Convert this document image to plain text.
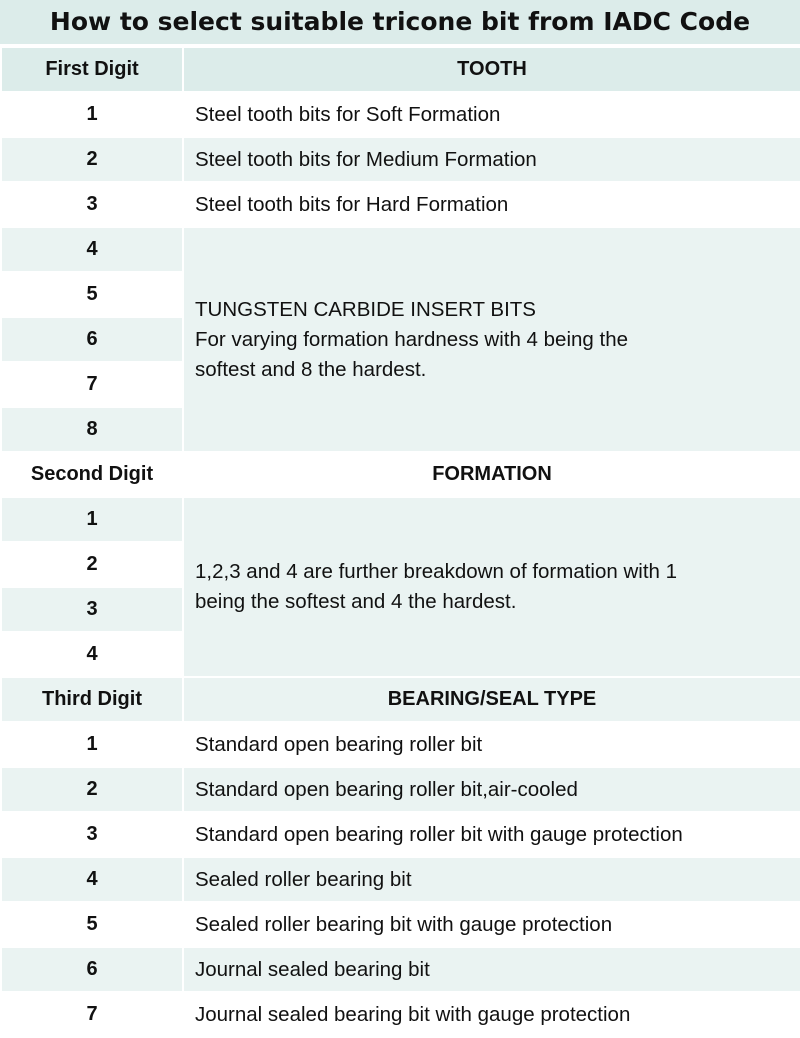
How to select suitable tricone bit from IADC Code
First Digit	TOOTH
1	Steel tooth bits for Soft Formation
2	Steel tooth bits for Medium Formation
3	Steel tooth bits for Hard Formation
4	TUNGSTEN CARBIDE INSERT BITS
For varying formation hardness with 4 being the
softest and 8 the hardest.

5	
6	
7	
8	
Second Digit	FORMATION
1	1,2,3 and 4 are further breakdown of formation with 1
being the softest and 4 the hardest.

2	
3	
4	
Third Digit	BEARING/SEAL TYPE
1	Standard open bearing roller bit
2	Standard open bearing roller bit,air-cooled
3	Standard open bearing roller bit with gauge protection
4	Sealed roller bearing bit
5	Sealed roller bearing bit with gauge protection
6	Journal sealed bearing bit
7	Journal sealed bearing bit with gauge protection
